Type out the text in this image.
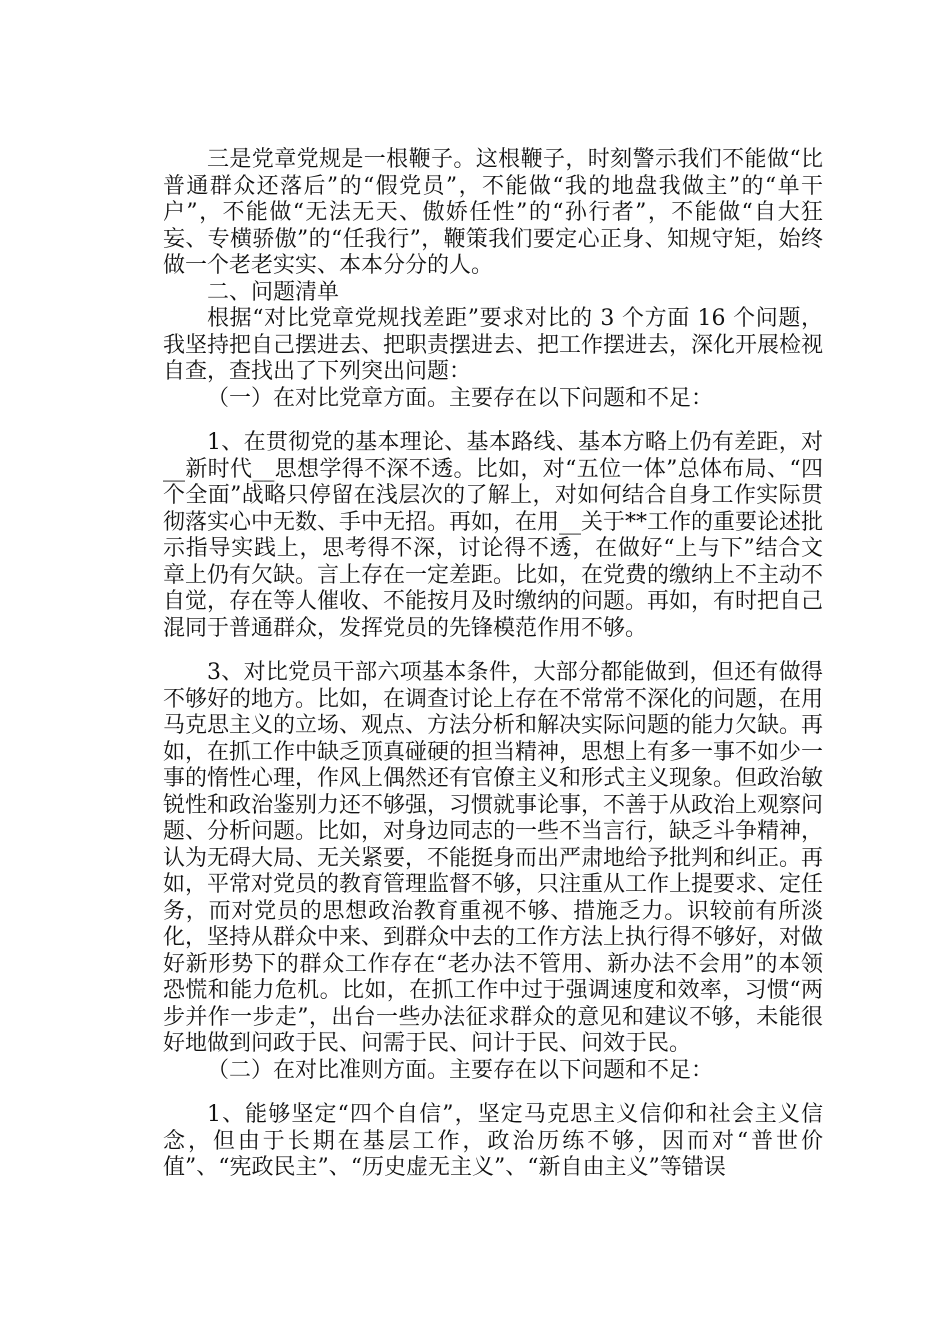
三是党章党规是一根鞭子。这根鞭子，时刻警示我们不能做“比普通群众还落后”的“假党员”，不能做“我的地盘我做主”的“单干户”，不能做“无法无天、傲娇任性”的“孙行者”，不能做“自大狂妄、专横骄傲”的“任我行”，鞭策我们要定心正身、知规守矩，始终做一个老老实实、本本分分的人。

二、问题清单

根据“对比党章党规找差距”要求对比的 3 个方面 16 个问题，我坚持把自己摆进去、把职责摆进去、把工作摆进去，深化开展检视自查，查找出了下列突出问题：

（一）在对比党章方面。主要存在以下问题和不足：

1、在贯彻党的基本理论、基本路线、基本方略上仍有差距，对__新时代__思想学得不深不透。比如，对“五位一体”总体布局、“四个全面”战略只停留在浅层次的了解上，对如何结合自身工作实际贯彻落实心中无数、手中无招。再如，在用__关于**工作的重要论述批示指导实践上，思考得不深，讨论得不透，在做好“上与下”结合文章上仍有欠缺。言上存在一定差距。比如，在党费的缴纳上不主动不自觉，存在等人催收、不能按月及时缴纳的问题。再如，有时把自己混同于普通群众，发挥党员的先锋模范作用不够。

3、对比党员干部六项基本条件，大部分都能做到，但还有做得不够好的地方。比如，在调查讨论上存在不常常不深化的问题，在用马克思主义的立场、观点、方法分析和解决实际问题的能力欠缺。再如，在抓工作中缺乏顶真碰硬的担当精神，思想上有多一事不如少一事的惰性心理，作风上偶然还有官僚主义和形式主义现象。但政治敏锐性和政治鉴别力还不够强，习惯就事论事，不善于从政治上观察问题、分析问题。比如，对身边同志的一些不当言行，缺乏斗争精神，认为无碍大局、无关紧要，不能挺身而出严肃地给予批判和纠正。再如，平常对党员的教育管理监督不够，只注重从工作上提要求、定任务，而对党员的思想政治教育重视不够、措施乏力。识较前有所淡化，坚持从群众中来、到群众中去的工作方法上执行得不够好，对做好新形势下的群众工作存在“老办法不管用、新办法不会用”的本领恐慌和能力危机。比如，在抓工作中过于强调速度和效率，习惯“两步并作一步走”，出台一些办法征求群众的意见和建议不够，未能很好地做到问政于民、问需于民、问计于民、问效于民。

（二）在对比准则方面。主要存在以下问题和不足：

1、能够坚定“四个自信”，坚定马克思主义信仰和社会主义信念，但由于长期在基层工作，政治历练不够，因而对“普世价值”、“宪政民主”、“历史虚无主义”、“新自由主义”等错误
